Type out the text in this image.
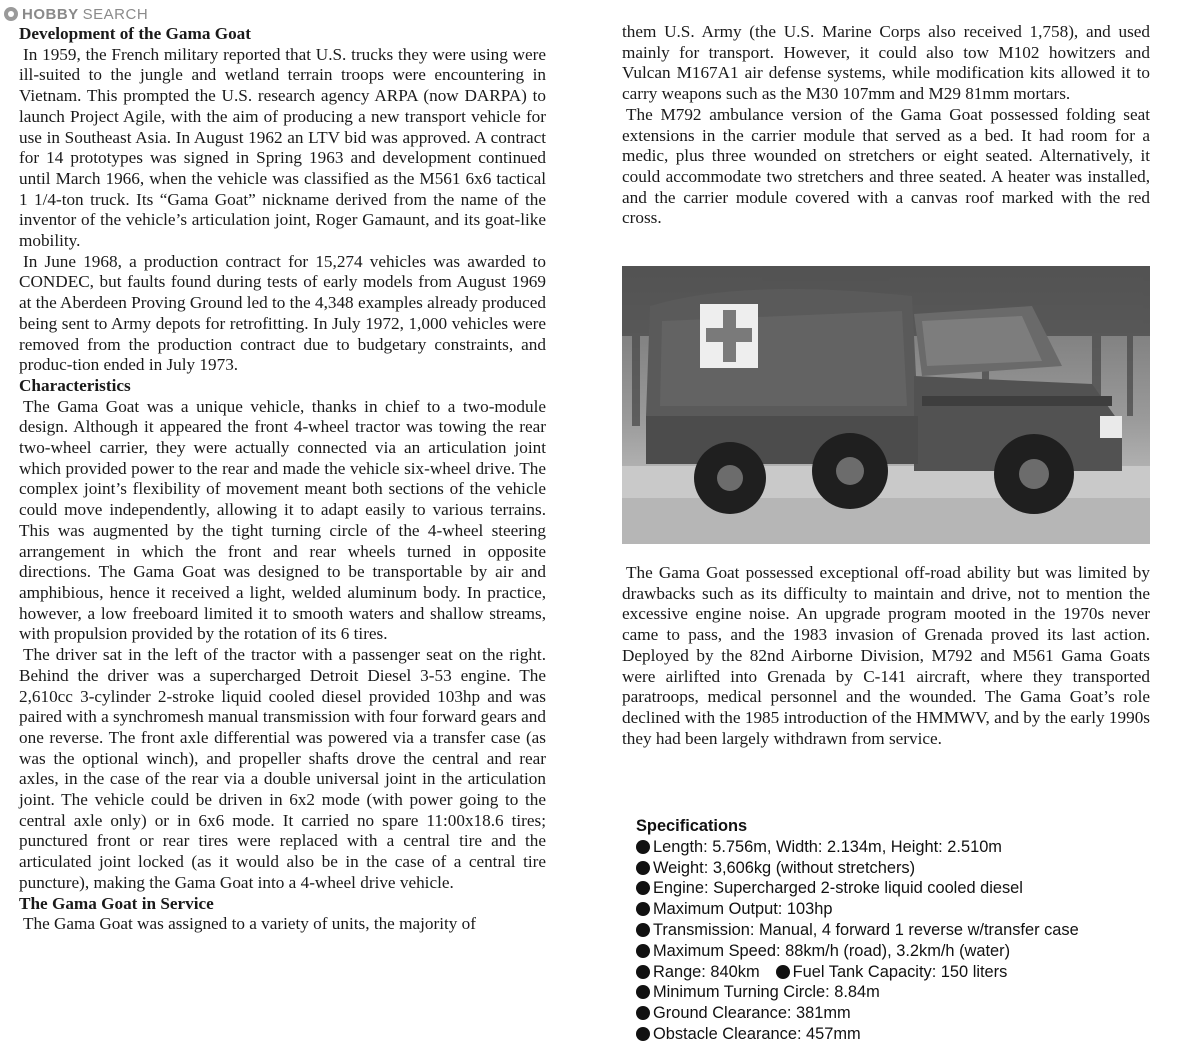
HOBBY SEARCH

Development of the Gama Goat

In 1959, the French military reported that U.S. trucks they were using were ill-suited to the jungle and wetland terrain troops were encountering in Vietnam. This prompted the U.S. research agency ARPA (now DARPA) to launch Project Agile, with the aim of producing a new transport vehicle for use in Southeast Asia. In August 1962 an LTV bid was approved. A contract for 14 prototypes was signed in Spring 1963 and development continued until March 1966, when the vehicle was classified as the M561 6x6 tactical 1 1/4-ton truck. Its “Gama Goat” nickname derived from the name of the inventor of the vehicle’s articulation joint, Roger Gamaunt, and its goat-like mobility.

In June 1968, a production contract for 15,274 vehicles was awarded to CONDEC, but faults found during tests of early models from August 1969 at the Aberdeen Proving Ground led to the 4,348 examples already produced being sent to Army depots for retrofitting. In July 1972, 1,000 vehicles were removed from the production contract due to budgetary constraints, and produc-tion ended in July 1973.

Characteristics

The Gama Goat was a unique vehicle, thanks in chief to a two-module design. Although it appeared the front 4-wheel tractor was towing the rear two-wheel carrier, they were actually connected via an articulation joint which provided power to the rear and made the vehicle six-wheel drive. The complex joint’s flexibility of movement meant both sections of the vehicle could move independently, allowing it to adapt easily to various terrains. This was augmented by the tight turning circle of the 4-wheel steering arrangement in which the front and rear wheels turned in opposite directions. The Gama Goat was designed to be transportable by air and amphibious, hence it received a light, welded aluminum body. In practice, however, a low freeboard limited it to smooth waters and shallow streams, with propulsion provided by the rotation of its 6 tires.

The driver sat in the left of the tractor with a passenger seat on the right. Behind the driver was a supercharged Detroit Diesel 3-53 engine. The 2,610cc 3-cylinder 2-stroke liquid cooled diesel provided 103hp and was paired with a synchromesh manual transmission with four forward gears and one reverse. The front axle differential was powered via a transfer case (as was the optional winch), and propeller shafts drove the central and rear axles, in the case of the rear via a double universal joint in the articulation joint. The vehicle could be driven in 6x2 mode (with power going to the central axle only) or in 6x6 mode. It carried no spare 11:00x18.6 tires; punctured front or rear tires were replaced with a central tire and the articulated joint locked (as it would also be in the case of a central tire puncture), making the Gama Goat into a 4-wheel drive vehicle.

The Gama Goat in Service

The Gama Goat was assigned to a variety of units, the majority of

them U.S. Army (the U.S. Marine Corps also received 1,758), and used mainly for transport. However, it could also tow M102 howitzers and Vulcan M167A1 air defense systems, while modification kits allowed it to carry weapons such as the M30 107mm and M29 81mm mortars.

The M792 ambulance version of the Gama Goat possessed folding seat extensions in the carrier module that served as a bed. It had room for a medic, plus three wounded on stretchers or eight seated. Alternatively, it could accommodate two stretchers and three seated. A heater was installed, and the carrier module covered with a canvas roof marked with the red cross.

The Gama Goat possessed exceptional off-road ability but was limited by drawbacks such as its difficulty to maintain and drive, not to mention the excessive engine noise. An upgrade program mooted in the 1970s never came to pass, and the 1983 invasion of Grenada proved its last action. Deployed by the 82nd Airborne Division, M792 and M561 Gama Goats were airlifted into Grenada by C-141 aircraft, where they transported paratroops, medical personnel and the wounded. The Gama Goat’s role declined with the 1985 introduction of the HMMWV, and by the early 1990s they had been largely withdrawn from service.

Specifications

Length: 5.756m, Width: 2.134m, Height: 2.510m

Weight: 3,606kg (without stretchers)

Engine: Supercharged 2-stroke liquid cooled diesel

Maximum Output: 103hp

Transmission: Manual, 4 forward 1 reverse w/transfer case

Maximum Speed: 88km/h (road), 3.2km/h (water)

Range: 840km Fuel Tank Capacity: 150 liters

Minimum Turning Circle: 8.84m

Ground Clearance: 381mm

Obstacle Clearance: 457mm
